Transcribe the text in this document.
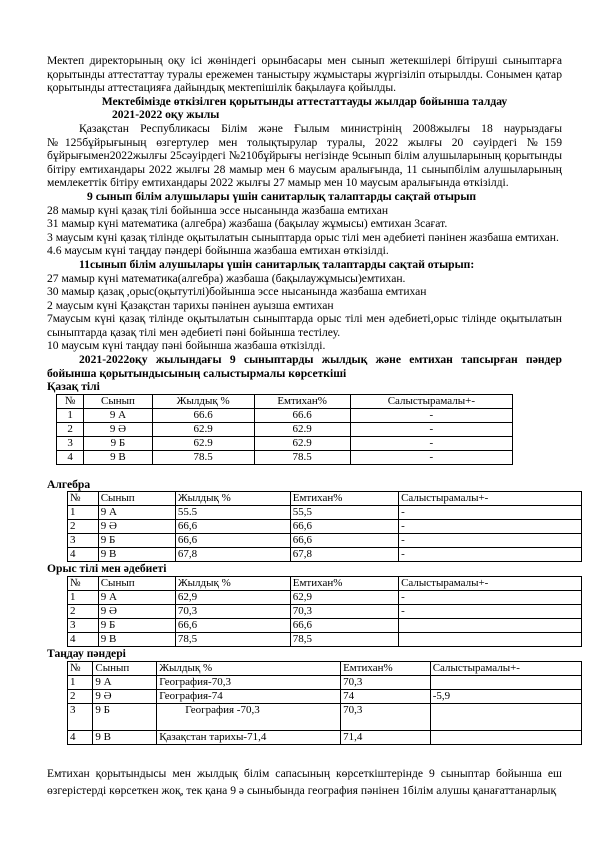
Мектеп директорының оқу ісі жөніндегі орынбасары мен сынып жетекшілері бітіруші сыныптарға қорытынды аттестаттау туралы ережемен таныстыру жұмыстары жүргізіліп отырылды. Сонымен қатар қорытынды аттестацияға дайындық мектепішілік бақылауға қойылды.

Мектебімізде өткізілген қорытынды аттестаттауды жылдар бойынша талдау

2021-2022 оқу жылы

Қазақстан Республикасы Білім және Ғылым министрінің 2008жылғы 18 наурыздағы №125бұйрығының өзгертулер мен толықтырулар туралы, 2022 жылғы 20 сәуірдегі №159 бұйрығымен2022жылғы 25сәуірдегі №210бұйрығы негізінде 9сынып білім алушыларының қорытынды бітіру емтихандары 2022 жылғы 28 мамыр мен 6 маусым аралығында, 11 сыныпбілім алушыларының мемлекеттік бітіру емтихандары 2022 жылғы 27 мамыр мен 10 маусым аралығында өткізілді.

9 сынып білім алушылары үшін санитарлық талаптарды сақтай отырып

28 мамыр күні қазақ тілі бойынша эссе нысанында жазбаша емтихан

31 мамыр күні математика (алгебра) жазбаша (бақылау жұмысы) емтихан 3сағат.

3 маусым күні қазақ тілінде оқытылатын сыныптарда орыс тілі мен әдебиеті пәнінен жазбаша емтихан.

4.6 маусым күні таңдау пәндері бойынша жазбаша емтихан өткізілді.

11сынып білім алушылары үшін санитарлық талаптарды сақтай отырып:

27 мамыр күні математика(алгебра) жазбаша (бақылаужұмысы)емтихан.

30 мамыр қазақ ,орыс(оқытутілі)бойынша эссе нысанында жазбаша емтихан

2 маусым күні Қазақстан тарихы пәнінен ауызша емтихан

7маусым күні қазақ тілінде оқытылатын сыныптарда орыс тілі мен әдебиеті,орыс тілінде оқытылатын сыныптарда қазақ тілі мен әдебиеті пәні бойынша тестілеу.

10 маусым күні таңдау пәні бойынша жазбаша өткізілді.

2021-2022оқу жылындағы 9 сыныптарды жылдық және емтихан тапсырған пәндер бойынша қорытындысының салыстырмалы көрсеткіші

Қазақ тілі

№	Сынып	Жылдық %	Емтихан%	Салыстырамалы+-
1	9 А	66.6	66.6	-
2	9 Ә	62.9	62.9	-
3	9 Б	62.9	62.9	-
4	9 В	78.5	78.5	-

Алгебра

№	Сынып	Жылдық %	Емтихан%	Салыстырамалы+-
1	9 А	55.5	55,5	-
2	9 Ә	66,6	66,6	-
3	9 Б	66,6	66,6	-
4	9 В	67,8	67,8	-

Орыс тілі мен әдебиеті

№	Сынып	Жылдық %	Емтихан%	Салыстырамалы+-
1	9 А	62,9	62,9	-
2	9 Ә	70,3	70,3	-
3	9 Б	66,6	66,6	
4	9 В	78,5	78,5	

Таңдау пәндері

№	Сынып	Жылдық %	Емтихан%	Салыстырамалы+-
1	9 А	География-70,3	70,3	
2	9 Ә	География-74	74	-5,9
3	9 Б	География -70,3	70,3	
4	9 В	Қазақстан тарихы-71,4	71,4	

Емтихан қорытындысы мен жылдық білім сапасының көрсеткіштерінде 9 сыныптар бойынша еш өзгерістерді көрсеткен жоқ, тек қана 9 ә сыныбында география пәнінен 1білім алушы қанағаттанарлық
